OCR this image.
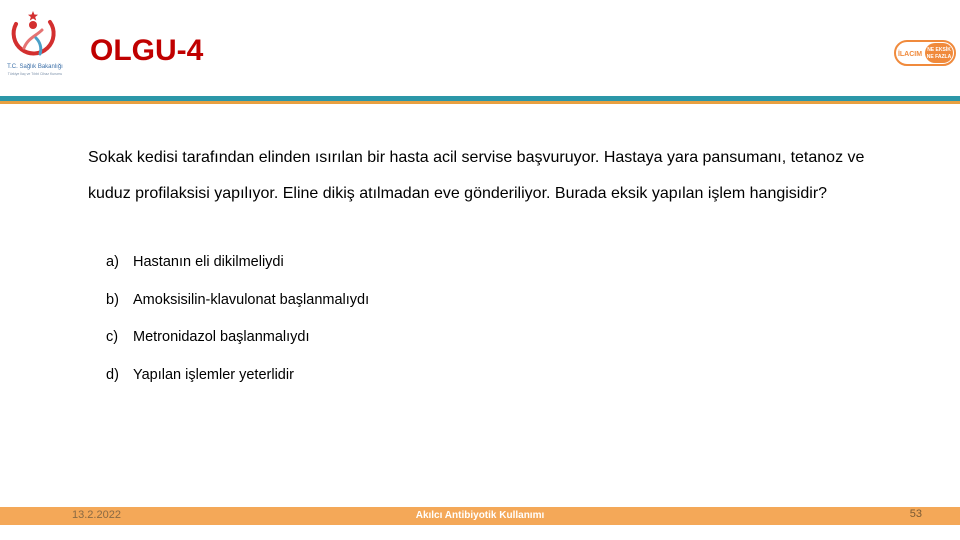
T.C. Sağlık Bakanlığı
Türkiye İlaç ve Tıbbi Cihaz Kurumu
OLGU-4	İLACIM
NE EKSİK
NE FAZLA
Sokak kedisi tarafından elinden ısırılan bir hasta acil servise başvuruyor. Hastaya yara pansumanı, tetanoz ve kuduz profilaksisi yapılıyor. Eline dikiş atılmadan eve gönderiliyor. Burada eksik yapılan işlem hangisidir?
a) Hastanın eli dikilmeliydi
b) Amoksisilin-klavulonat başlanmalıydı
c) Metronidazol başlanmalıydı
d) Yapılan işlemler yeterlidir
13.2.2022	Akılcı Antibiyotik Kullanımı	53
